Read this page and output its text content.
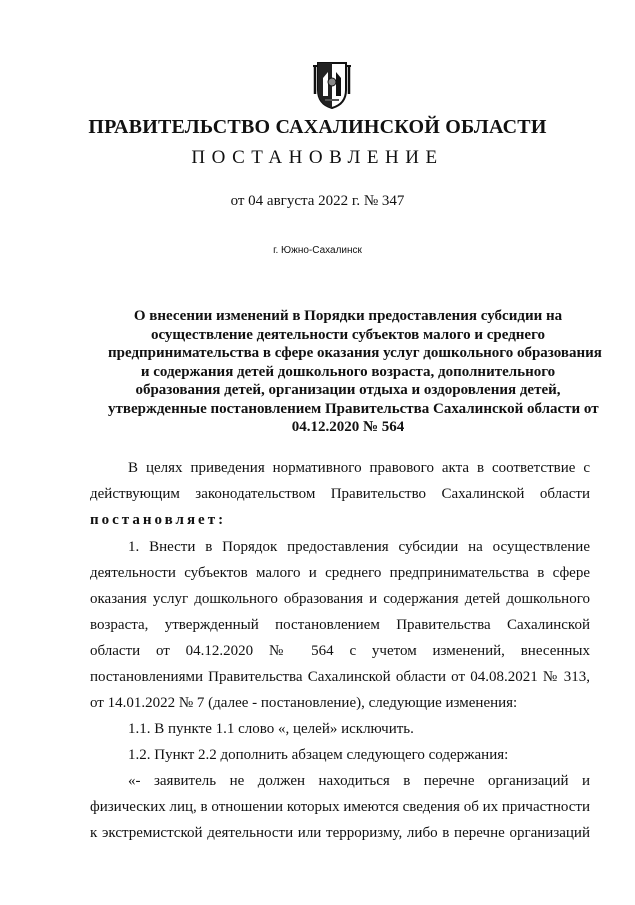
ПРАВИТЕЛЬСТВО САХАЛИНСКОЙ ОБЛАСТИ
ПОСТАНОВЛЕНИЕ
от 04 августа 2022 г. № 347
г. Южно-Сахалинск
О внесении изменений в Порядки предоставления субсидии на
осуществление деятельности субъектов малого и среднего
предпринимательства в сфере оказания услуг дошкольного образования
и содержания детей дошкольного возраста, дополнительного
образования детей, организации отдыха и оздоровления детей,
утвержденные постановлением Правительства Сахалинской области от
04.12.2020 № 564
В целях приведения нормативного правового акта в соответствие с
действующим законодательством Правительство Сахалинской области
постановляет:
1. Внести в Порядок предоставления субсидии на осуществление
деятельности субъектов малого и среднего предпринимательства в сфере
оказания услуг дошкольного образования и содержания детей дошкольного
возраста, утвержденный постановлением Правительства Сахалинской
области от 04.12.2020 № 564 с учетом изменений, внесенных
постановлениями Правительства Сахалинской области от 04.08.2021 № 313,
от 14.01.2022 № 7 (далее - постановление), следующие изменения:
1.1. В пункте 1.1 слово «, целей» исключить.
1.2. Пункт 2.2 дополнить абзацем следующего содержания:
«- заявитель не должен находиться в перечне организаций и
физических лиц, в отношении которых имеются сведения об их причастности
к экстремистской деятельности или терроризму, либо в перечне организаций
